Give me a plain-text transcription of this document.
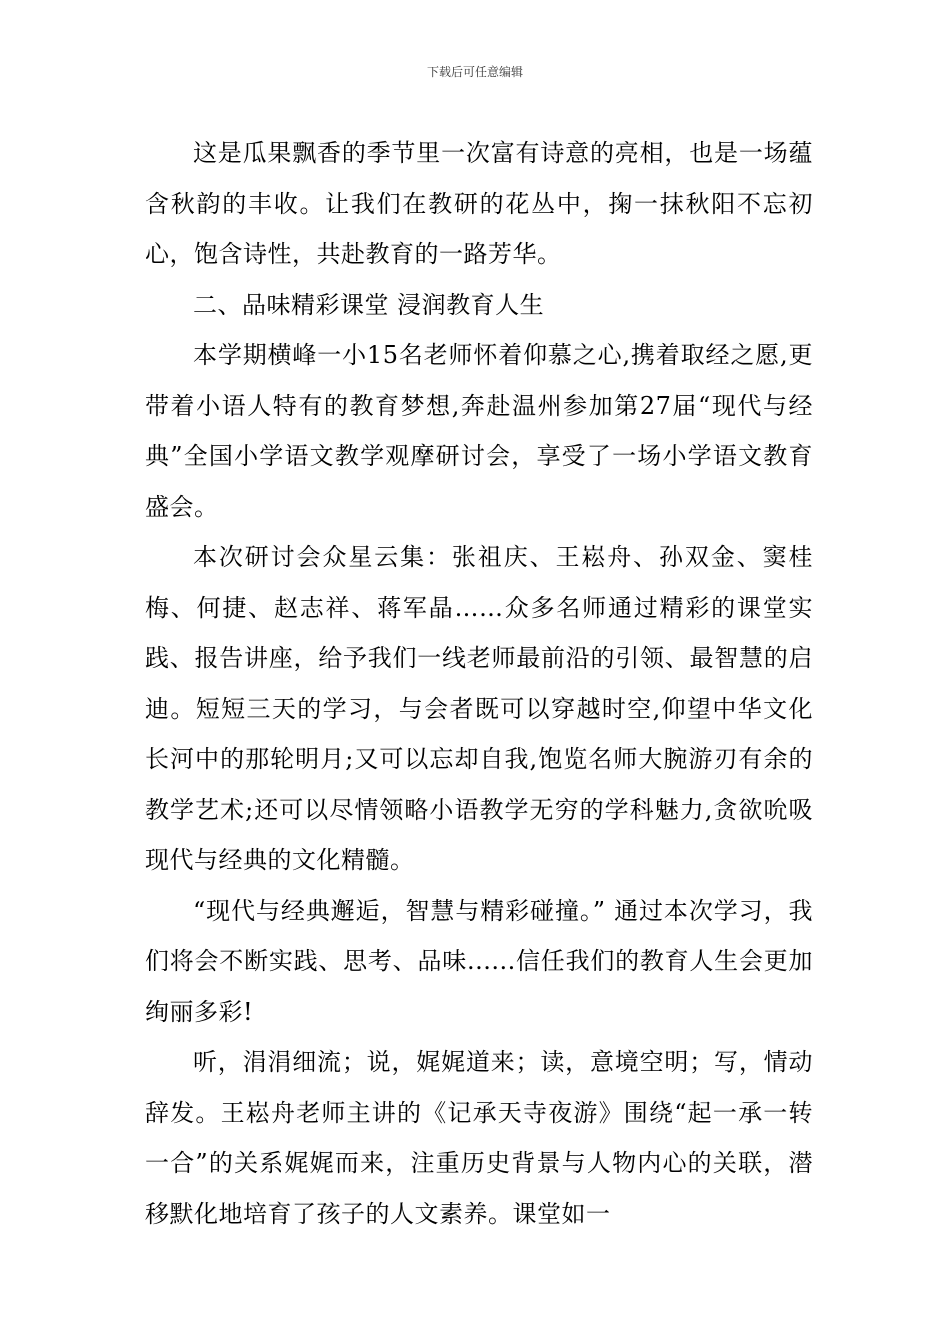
下载后可任意编辑

这是瓜果飘香的季节里一次富有诗意的亮相，也是一场蕴含秋韵的丰收。让我们在教研的花丛中，掬一抹秋阳不忘初心，饱含诗性，共赴教育的一路芳华。

二、品味精彩课堂 浸润教育人生

本学期横峰一小15名老师怀着仰慕之心,携着取经之愿,更带着小语人特有的教育梦想,奔赴温州参加第27届“现代与经典”全国小学语文教学观摩研讨会，享受了一场小学语文教育盛会。

本次研讨会众星云集：张祖庆、王崧舟、孙双金、窦桂梅、何捷、赵志祥、蒋军晶……众多名师通过精彩的课堂实践、报告讲座，给予我们一线老师最前沿的引领、最智慧的启迪。短短三天的学习，与会者既可以穿越时空,仰望中华文化长河中的那轮明月;又可以忘却自我,饱览名师大腕游刃有余的教学艺术;还可以尽情领略小语教学无穷的学科魅力,贪欲吮吸现代与经典的文化精髓。

“现代与经典邂逅，智慧与精彩碰撞。” 通过本次学习，我们将会不断实践、思考、品味......信任我们的教育人生会更加绚丽多彩!

听，涓涓细流；说，娓娓道来；读，意境空明；写，情动辞发。王崧舟老师主讲的《记承天寺夜游》围绕“起一承一转一合”的关系娓娓而来，注重历史背景与人物内心的关联，潜移默化地培育了孩子的人文素养。课堂如一
